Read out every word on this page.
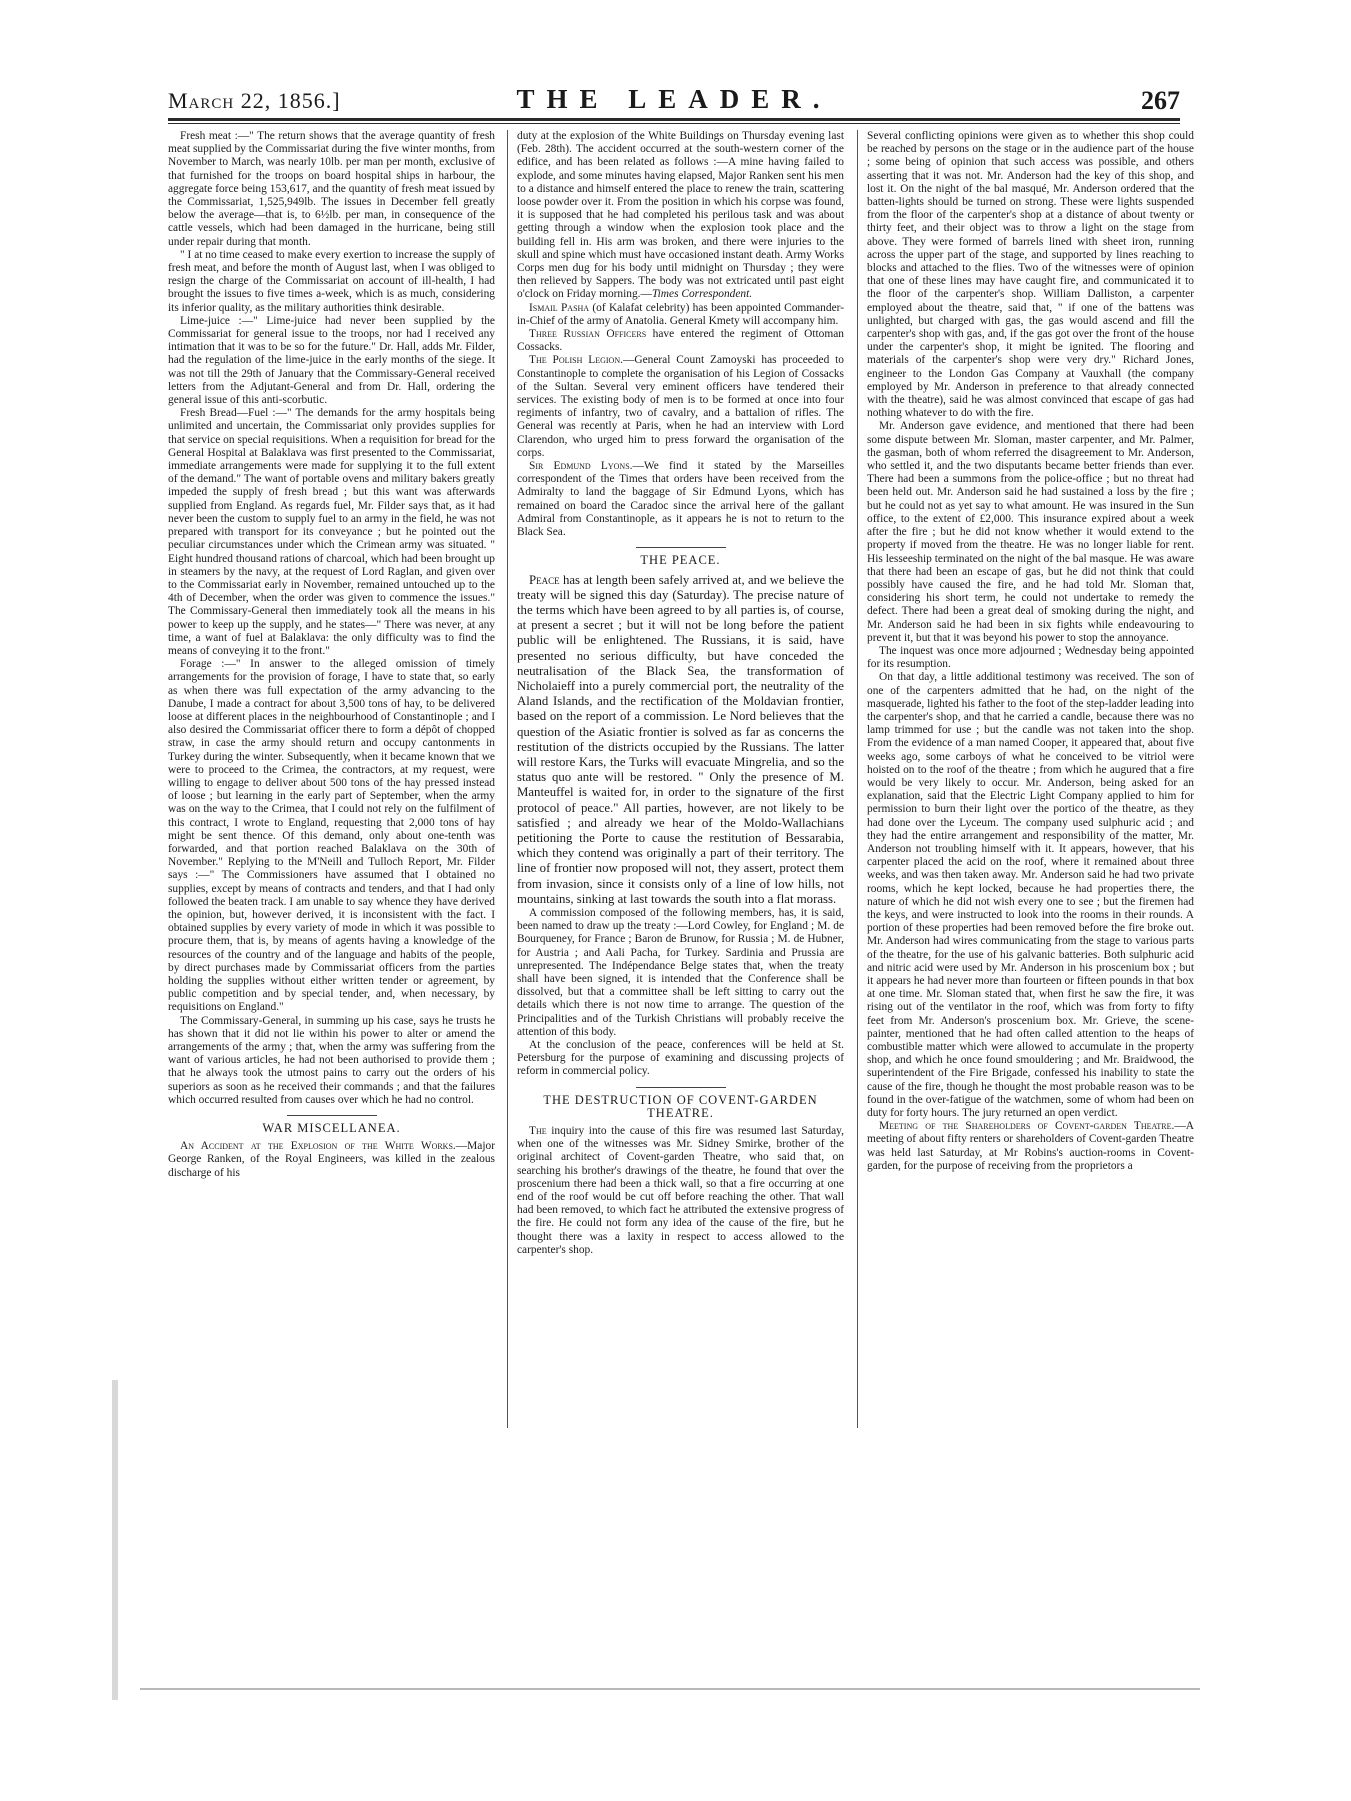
March 22, 1856.]	THE LEADER.	267

Fresh meat :—" The return shows that the average quantity of fresh meat supplied by the Commissariat during the five winter months, from November to March, was nearly 10lb. per man per month, exclusive of that furnished for the troops on board hospital ships in harbour, the aggregate force being 153,617, and the quantity of fresh meat issued by the Commissariat, 1,525,949lb. The issues in December fell greatly below the average—that is, to 6½lb. per man, in consequence of the cattle vessels, which had been damaged in the hurricane, being still under repair during that month.

" I at no time ceased to make every exertion to increase the supply of fresh meat, and before the month of August last, when I was obliged to resign the charge of the Commissariat on account of ill-health, I had brought the issues to five times a-week, which is as much, considering its inferior quality, as the military authorities think desirable.

Lime-juice :—" Lime-juice had never been supplied by the Commissariat for general issue to the troops, nor had I received any intimation that it was to be so for the future." Dr. Hall, adds Mr. Filder, had the regulation of the lime-juice in the early months of the siege. It was not till the 29th of January that the Commissary-General received letters from the Adjutant-General and from Dr. Hall, ordering the general issue of this anti-scorbutic.

Fresh Bread—Fuel :—" The demands for the army hospitals being unlimited and uncertain, the Commissariat only provides supplies for that service on special requisitions. When a requisition for bread for the General Hospital at Balaklava was first presented to the Commissariat, immediate arrangements were made for supplying it to the full extent of the demand." The want of portable ovens and military bakers greatly impeded the supply of fresh bread ; but this want was afterwards supplied from England. As regards fuel, Mr. Filder says that, as it had never been the custom to supply fuel to an army in the field, he was not prepared with transport for its conveyance ; but he pointed out the peculiar circumstances under which the Crimean army was situated. " Eight hundred thousand rations of charcoal, which had been brought up in steamers by the navy, at the request of Lord Raglan, and given over to the Commissariat early in November, remained untouched up to the 4th of December, when the order was given to commence the issues." The Commissary-General then immediately took all the means in his power to keep up the supply, and he states—" There was never, at any time, a want of fuel at Balaklava: the only difficulty was to find the means of conveying it to the front."

Forage :—" In answer to the alleged omission of timely arrangements for the provision of forage, I have to state that, so early as when there was full expectation of the army advancing to the Danube, I made a contract for about 3,500 tons of hay, to be delivered loose at different places in the neighbourhood of Constantinople ; and I also desired the Commissariat officer there to form a dépôt of chopped straw, in case the army should return and occupy cantonments in Turkey during the winter. Subsequently, when it became known that we were to proceed to the Crimea, the contractors, at my request, were willing to engage to deliver about 500 tons of the hay pressed instead of loose ; but learning in the early part of September, when the army was on the way to the Crimea, that I could not rely on the fulfilment of this contract, I wrote to England, requesting that 2,000 tons of hay might be sent thence. Of this demand, only about one-tenth was forwarded, and that portion reached Balaklava on the 30th of November." Replying to the M'Neill and Tulloch Report, Mr. Filder says :—" The Commissioners have assumed that I obtained no supplies, except by means of contracts and tenders, and that I had only followed the beaten track. I am unable to say whence they have derived the opinion, but, however derived, it is inconsistent with the fact. I obtained supplies by every variety of mode in which it was possible to procure them, that is, by means of agents having a knowledge of the resources of the country and of the language and habits of the people, by direct purchases made by Commissariat officers from the parties holding the supplies without either written tender or agreement, by public competition and by special tender, and, when necessary, by requisitions on England."

The Commissary-General, in summing up his case, says he trusts he has shown that it did not lie within his power to alter or amend the arrangements of the army ; that, when the army was suffering from the want of various articles, he had not been authorised to provide them ; that he always took the utmost pains to carry out the orders of his superiors as soon as he received their commands ; and that the failures which occurred resulted from causes over which he had no control.

WAR MISCELLANEA.

An Accident at the Explosion of the White Works.—Major George Ranken, of the Royal Engineers, was killed in the zealous discharge of his

duty at the explosion of the White Buildings on Thursday evening last (Feb. 28th). The accident occurred at the south-western corner of the edifice, and has been related as follows :—A mine having failed to explode, and some minutes having elapsed, Major Ranken sent his men to a distance and himself entered the place to renew the train, scattering loose powder over it. From the position in which his corpse was found, it is supposed that he had completed his perilous task and was about getting through a window when the explosion took place and the building fell in. His arm was broken, and there were injuries to the skull and spine which must have occasioned instant death. Army Works Corps men dug for his body until midnight on Thursday ; they were then relieved by Sappers. The body was not extricated until past eight o'clock on Friday morning.—Times Correspondent.

Ismail Pasha (of Kalafat celebrity) has been appointed Commander-in-Chief of the army of Anatolia. General Kmety will accompany him.

Three Russian Officers have entered the regiment of Ottoman Cossacks.

The Polish Legion.—General Count Zamoyski has proceeded to Constantinople to complete the organisation of his Legion of Cossacks of the Sultan. Several very eminent officers have tendered their services. The existing body of men is to be formed at once into four regiments of infantry, two of cavalry, and a battalion of rifles. The General was recently at Paris, when he had an interview with Lord Clarendon, who urged him to press forward the organisation of the corps.

Sir Edmund Lyons.—We find it stated by the Marseilles correspondent of the Times that orders have been received from the Admiralty to land the baggage of Sir Edmund Lyons, which has remained on board the Caradoc since the arrival here of the gallant Admiral from Constantinople, as it appears he is not to return to the Black Sea.

THE PEACE.

Peace has at length been safely arrived at, and we believe the treaty will be signed this day (Saturday). The precise nature of the terms which have been agreed to by all parties is, of course, at present a secret ; but it will not be long before the patient public will be enlightened. The Russians, it is said, have presented no serious difficulty, but have conceded the neutralisation of the Black Sea, the transformation of Nicholaieff into a purely commercial port, the neutrality of the Aland Islands, and the rectification of the Moldavian frontier, based on the report of a commission. Le Nord believes that the question of the Asiatic frontier is solved as far as concerns the restitution of the districts occupied by the Russians. The latter will restore Kars, the Turks will evacuate Mingrelia, and so the status quo ante will be restored. " Only the presence of M. Manteuffel is waited for, in order to the signature of the first protocol of peace." All parties, however, are not likely to be satisfied ; and already we hear of the Moldo-Wallachians petitioning the Porte to cause the restitution of Bessarabia, which they contend was originally a part of their territory. The line of frontier now proposed will not, they assert, protect them from invasion, since it consists only of a line of low hills, not mountains, sinking at last towards the south into a flat morass.

A commission composed of the following members, has, it is said, been named to draw up the treaty :—Lord Cowley, for England ; M. de Bourqueney, for France ; Baron de Brunow, for Russia ; M. de Hubner, for Austria ; and Aali Pacha, for Turkey. Sardinia and Prussia are unrepresented. The Indépendance Belge states that, when the treaty shall have been signed, it is intended that the Conference shall be dissolved, but that a committee shall be left sitting to carry out the details which there is not now time to arrange. The question of the Principalities and of the Turkish Christians will probably receive the attention of this body.

At the conclusion of the peace, conferences will be held at St. Petersburg for the purpose of examining and discussing projects of reform in commercial policy.

THE DESTRUCTION OF COVENT-GARDEN THEATRE.

The inquiry into the cause of this fire was resumed last Saturday, when one of the witnesses was Mr. Sidney Smirke, brother of the original architect of Covent-garden Theatre, who said that, on searching his brother's drawings of the theatre, he found that over the proscenium there had been a thick wall, so that a fire occurring at one end of the roof would be cut off before reaching the other. That wall had been removed, to which fact he attributed the extensive progress of the fire. He could not form any idea of the cause of the fire, but he thought there was a laxity in respect to access allowed to the carpenter's shop.

Several conflicting opinions were given as to whether this shop could be reached by persons on the stage or in the audience part of the house ; some being of opinion that such access was possible, and others asserting that it was not. Mr. Anderson had the key of this shop, and lost it. On the night of the bal masqué, Mr. Anderson ordered that the batten-lights should be turned on strong. These were lights suspended from the floor of the carpenter's shop at a distance of about twenty or thirty feet, and their object was to throw a light on the stage from above. They were formed of barrels lined with sheet iron, running across the upper part of the stage, and supported by lines reaching to blocks and attached to the flies. Two of the witnesses were of opinion that one of these lines may have caught fire, and communicated it to the floor of the carpenter's shop. William Dalliston, a carpenter employed about the theatre, said that, " if one of the battens was unlighted, but charged with gas, the gas would ascend and fill the carpenter's shop with gas, and, if the gas got over the front of the house under the carpenter's shop, it might be ignited. The flooring and materials of the carpenter's shop were very dry." Richard Jones, engineer to the London Gas Company at Vauxhall (the company employed by Mr. Anderson in preference to that already connected with the theatre), said he was almost convinced that escape of gas had nothing whatever to do with the fire.

Mr. Anderson gave evidence, and mentioned that there had been some dispute between Mr. Sloman, master carpenter, and Mr. Palmer, the gasman, both of whom referred the disagreement to Mr. Anderson, who settled it, and the two disputants became better friends than ever. There had been a summons from the police-office ; but no threat had been held out. Mr. Anderson said he had sustained a loss by the fire ; but he could not as yet say to what amount. He was insured in the Sun office, to the extent of £2,000. This insurance expired about a week after the fire ; but he did not know whether it would extend to the property if moved from the theatre. He was no longer liable for rent. His lesseeship terminated on the night of the bal masque. He was aware that there had been an escape of gas, but he did not think that could possibly have caused the fire, and he had told Mr. Sloman that, considering his short term, he could not undertake to remedy the defect. There had been a great deal of smoking during the night, and Mr. Anderson said he had been in six fights while endeavouring to prevent it, but that it was beyond his power to stop the annoyance.

The inquest was once more adjourned ; Wednesday being appointed for its resumption.

On that day, a little additional testimony was received. The son of one of the carpenters admitted that he had, on the night of the masquerade, lighted his father to the foot of the step-ladder leading into the carpenter's shop, and that he carried a candle, because there was no lamp trimmed for use ; but the candle was not taken into the shop. From the evidence of a man named Cooper, it appeared that, about five weeks ago, some carboys of what he conceived to be vitriol were hoisted on to the roof of the theatre ; from which he augured that a fire would be very likely to occur. Mr. Anderson, being asked for an explanation, said that the Electric Light Company applied to him for permission to burn their light over the portico of the theatre, as they had done over the Lyceum. The company used sulphuric acid ; and they had the entire arrangement and responsibility of the matter, Mr. Anderson not troubling himself with it. It appears, however, that his carpenter placed the acid on the roof, where it remained about three weeks, and was then taken away. Mr. Anderson said he had two private rooms, which he kept locked, because he had properties there, the nature of which he did not wish every one to see ; but the firemen had the keys, and were instructed to look into the rooms in their rounds. A portion of these properties had been removed before the fire broke out. Mr. Anderson had wires communicating from the stage to various parts of the theatre, for the use of his galvanic batteries. Both sulphuric acid and nitric acid were used by Mr. Anderson in his proscenium box ; but it appears he had never more than fourteen or fifteen pounds in that box at one time. Mr. Sloman stated that, when first he saw the fire, it was rising out of the ventilator in the roof, which was from forty to fifty feet from Mr. Anderson's proscenium box. Mr. Grieve, the scene-painter, mentioned that he had often called attention to the heaps of combustible matter which were allowed to accumulate in the property shop, and which he once found smouldering ; and Mr. Braidwood, the superintendent of the Fire Brigade, confessed his inability to state the cause of the fire, though he thought the most probable reason was to be found in the over-fatigue of the watchmen, some of whom had been on duty for forty hours. The jury returned an open verdict.

Meeting of the Shareholders of Covent-garden Theatre.—A meeting of about fifty renters or shareholders of Covent-garden Theatre was held last Saturday, at Mr Robins's auction-rooms in Covent-garden, for the purpose of receiving from the proprietors a
